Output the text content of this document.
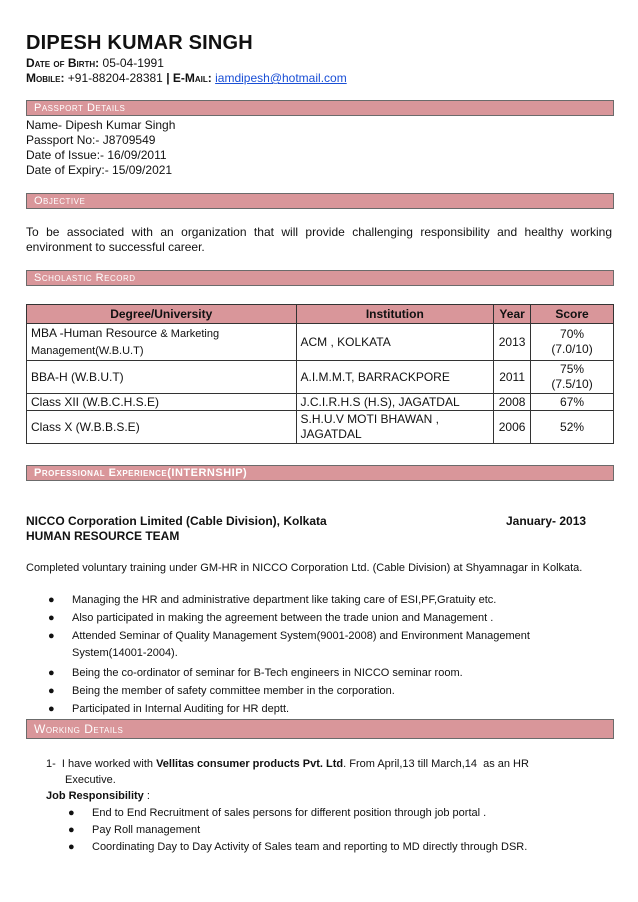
DIPESH KUMAR SINGH
Date of Birth: 05-04-1991
Mobile: +91-88204-28381 | E-Mail: iamdipesh@hotmail.com
Passport Details
Name- Dipesh Kumar Singh
Passport No:- J8709549
Date of Issue:- 16/09/2011
Date of Expiry:- 15/09/2021
Objective
To be associated with an organization that will provide challenging responsibility and healthy working environment to successful career.
Scholastic Record
Degree/University	Institution	Year	Score
MBA -Human Resource & Marketing
Management(W.B.U.T)	ACM , KOLKATA	2013	70%
(7.0/10)
BBA-H (W.B.U.T)	A.I.M.M.T, BARRACKPORE	2011	75%
(7.5/10)
Class XII (W.B.C.H.S.E)	J.C.I.R.H.S (H.S), JAGATDAL	2008	67%
Class X (W.B.B.S.E)	S.H.U.V MOTI BHAWAN ,
JAGATDAL	2006	52%
Professional Experience(INTERNSHIP)
NICCO Corporation Limited (Cable Division), Kolkata	January- 2013
HUMAN RESOURCE TEAM
Completed voluntary training under GM-HR in NICCO Corporation Ltd. (Cable Division) at Shyamnagar in Kolkata.
● Managing the HR and administrative department like taking care of ESI,PF,Gratuity etc.
● Also participated in making the agreement between the trade union and Management .
● Attended Seminar of Quality Management System(9001-2008) and Environment Management System(14001-2004).
● Being the co-ordinator of seminar for B-Tech engineers in NICCO seminar room.
● Being the member of safety committee member in the corporation.
● Participated in Internal Auditing for HR deptt.
Working Details
1-  I have worked with Vellitas consumer products Pvt. Ltd. From April,13 till March,14  as an HR
Executive.
Job Responsibility :
● End to End Recruitment of sales persons for different position through job portal .
● Pay Roll management
● Coordinating Day to Day Activity of Sales team and reporting to MD directly through DSR.
